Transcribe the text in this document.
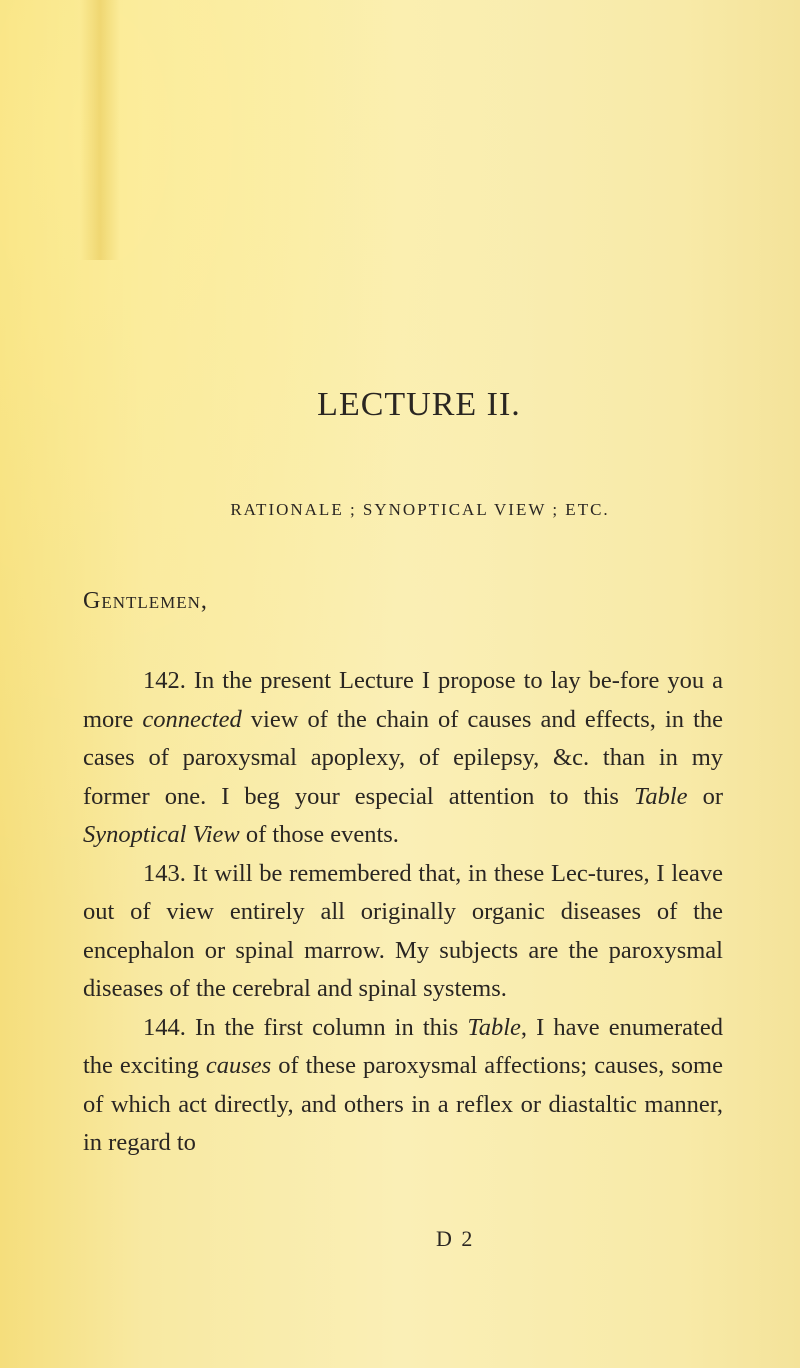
LECTURE II.
RATIONALE ; SYNOPTICAL VIEW ; ETC.
Gentlemen,

142. In the present Lecture I propose to lay be-fore you a more connected view of the chain of causes and effects, in the cases of paroxysmal apoplexy, of epilepsy, &c. than in my former one. I beg your especial attention to this Table or Synoptical View of those events.

143. It will be remembered that, in these Lec-tures, I leave out of view entirely all originally organic diseases of the encephalon or spinal marrow. My subjects are the paroxysmal diseases of the cerebral and spinal systems.

144. In the first column in this Table, I have enumerated the exciting causes of these paroxysmal affections; causes, some of which act directly, and others in a reflex or diastaltic manner, in regard to

D 2
